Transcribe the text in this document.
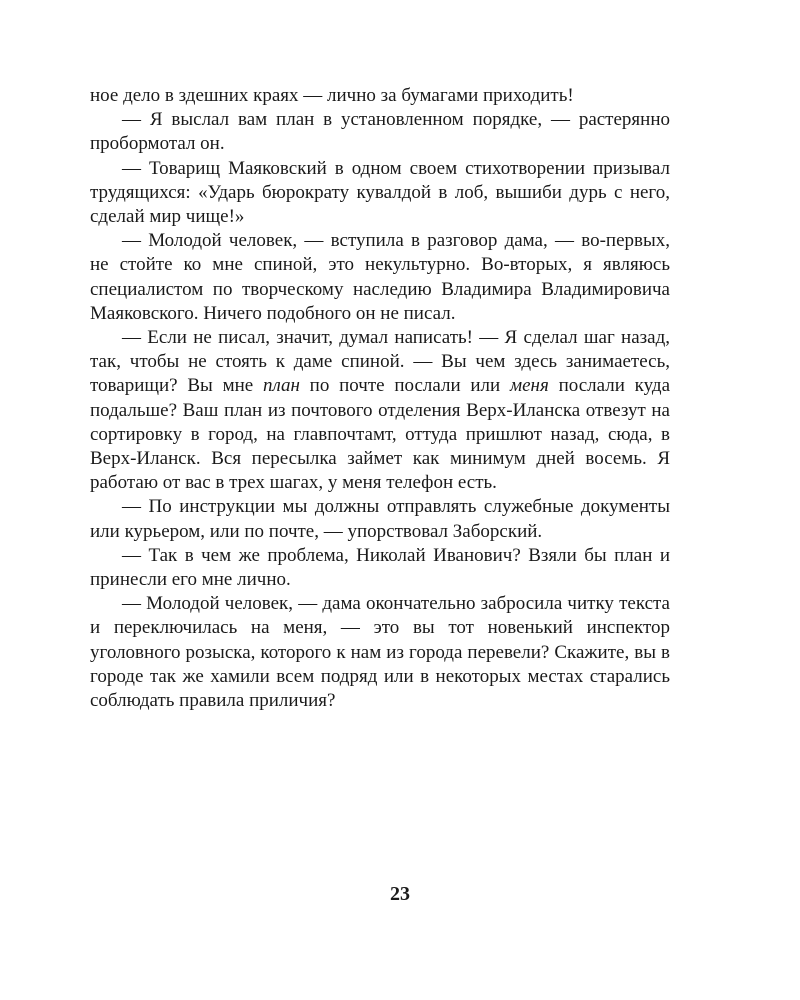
ное дело в здешних краях — лично за бумагами приходить!

— Я выслал вам план в установленном порядке, — растерянно пробормотал он.

— Товарищ Маяковский в одном своем стихотворении призывал трудящихся: «Ударь бюрократу кувалдой в лоб, вышиби дурь с него, сделай мир чище!»

— Молодой человек, — вступила в разговор дама, — во-первых, не стойте ко мне спиной, это некультурно. Во-вторых, я являюсь специалистом по творческому наследию Владимира Владимировича Маяковского. Ничего подобного он не писал.

— Если не писал, значит, думал написать! — Я сделал шаг назад, так, чтобы не стоять к даме спиной. — Вы чем здесь занимаетесь, товарищи? Вы мне план по почте послали или меня послали куда подальше? Ваш план из почтового отделения Верх-Иланска отвезут на сортировку в город, на главпочтамт, оттуда пришлют назад, сюда, в Верх-Иланск. Вся пересылка займет как минимум дней восемь. Я работаю от вас в трех шагах, у меня телефон есть.

— По инструкции мы должны отправлять служебные документы или курьером, или по почте, — упорствовал Заборский.

— Так в чем же проблема, Николай Иванович? Взяли бы план и принесли его мне лично.

— Молодой человек, — дама окончательно забросила читку текста и переключилась на меня, — это вы тот новенький инспектор уголовного розыска, которого к нам из города перевели? Скажите, вы в городе так же хамили всем подряд или в некоторых местах старались соблюдать правила приличия?

23
